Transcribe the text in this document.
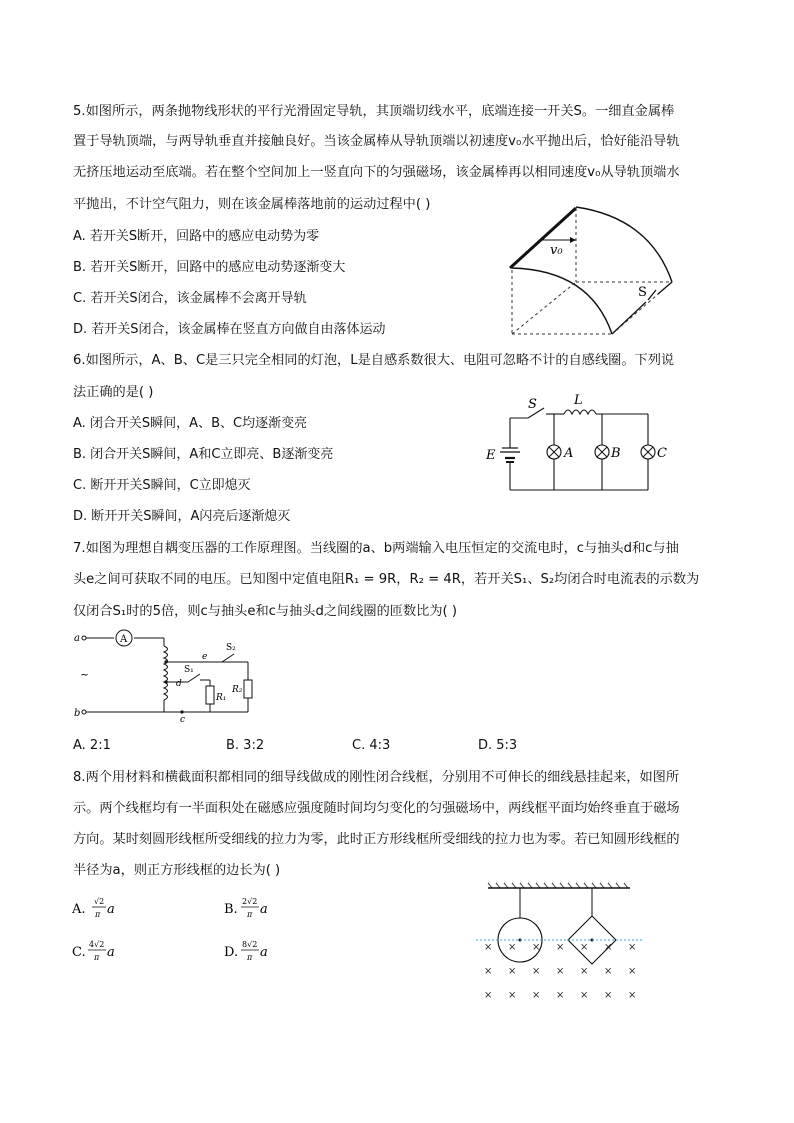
5.如图所示，两条抛物线形状的平行光滑固定导轨，其顶端切线水平，底端连接一开关S。一细直金属棒
置于导轨顶端，与两导轨垂直并接触良好。当该金属棒从导轨顶端以初速度v₀水平抛出后，恰好能沿导轨
无挤压地运动至底端。若在整个空间加上一竖直向下的匀强磁场，该金属棒再以相同速度v₀从导轨顶端水
平抛出，不计空气阻力，则在该金属棒落地前的运动过程中( )
A. 若开关S断开，回路中的感应电动势为零
B. 若开关S断开，回路中的感应电动势逐渐变大
C. 若开关S闭合，该金属棒不会离开导轨
D. 若开关S闭合，该金属棒在竖直方向做自由落体运动
S
v₀
6.如图所示，A、B、C是三只完全相同的灯泡，L是自感系数很大、电阻可忽略不计的自感线圈。下列说
法正确的是( )
A. 闭合开关S瞬间，A、B、C均逐渐变亮
B. 闭合开关S瞬间，A和C立即亮、B逐渐变亮
C. 断开开关S瞬间，C立即熄灭
D. 断开开关S瞬间，A闪亮后逐渐熄灭
S	L
E	A	B	C
7.如图为理想自耦变压器的工作原理图。当线圈的a、b两端输入电压恒定的交流电时，c与抽头d和c与抽
头e之间可获取不同的电压。已知图中定值电阻R₁ = 9R，R₂ = 4R，若开关S₁、S₂均闭合时电流表的示数为
仅闭合S₁时的5倍，则c与抽头e和c与抽头d之间线圈的匝数比为( )
A
a
b
~
c
d
e
S₁
S₂
R₁
R₂
A. 2:1	B. 3:2	C. 4:3	D. 5:3
8.两个用材料和横截面积都相同的细导线做成的刚性闭合线框，分别用不可伸长的细线悬挂起来，如图所
示。两个线框均有一半面积处在磁感应强度随时间均匀变化的匀强磁场中，两线框平面均始终垂直于磁场
方向。某时刻圆形线框所受细线的拉力为零，此时正方形线框所受细线的拉力也为零。若已知圆形线框的
半径为a，则正方形线框的边长为( )
A.
√2
π a	B.
2√2
π a
C.
4√2
π a	D.
8√2
π a	× × × × × × ×
× × × × × × ×
× × × × × × ×
